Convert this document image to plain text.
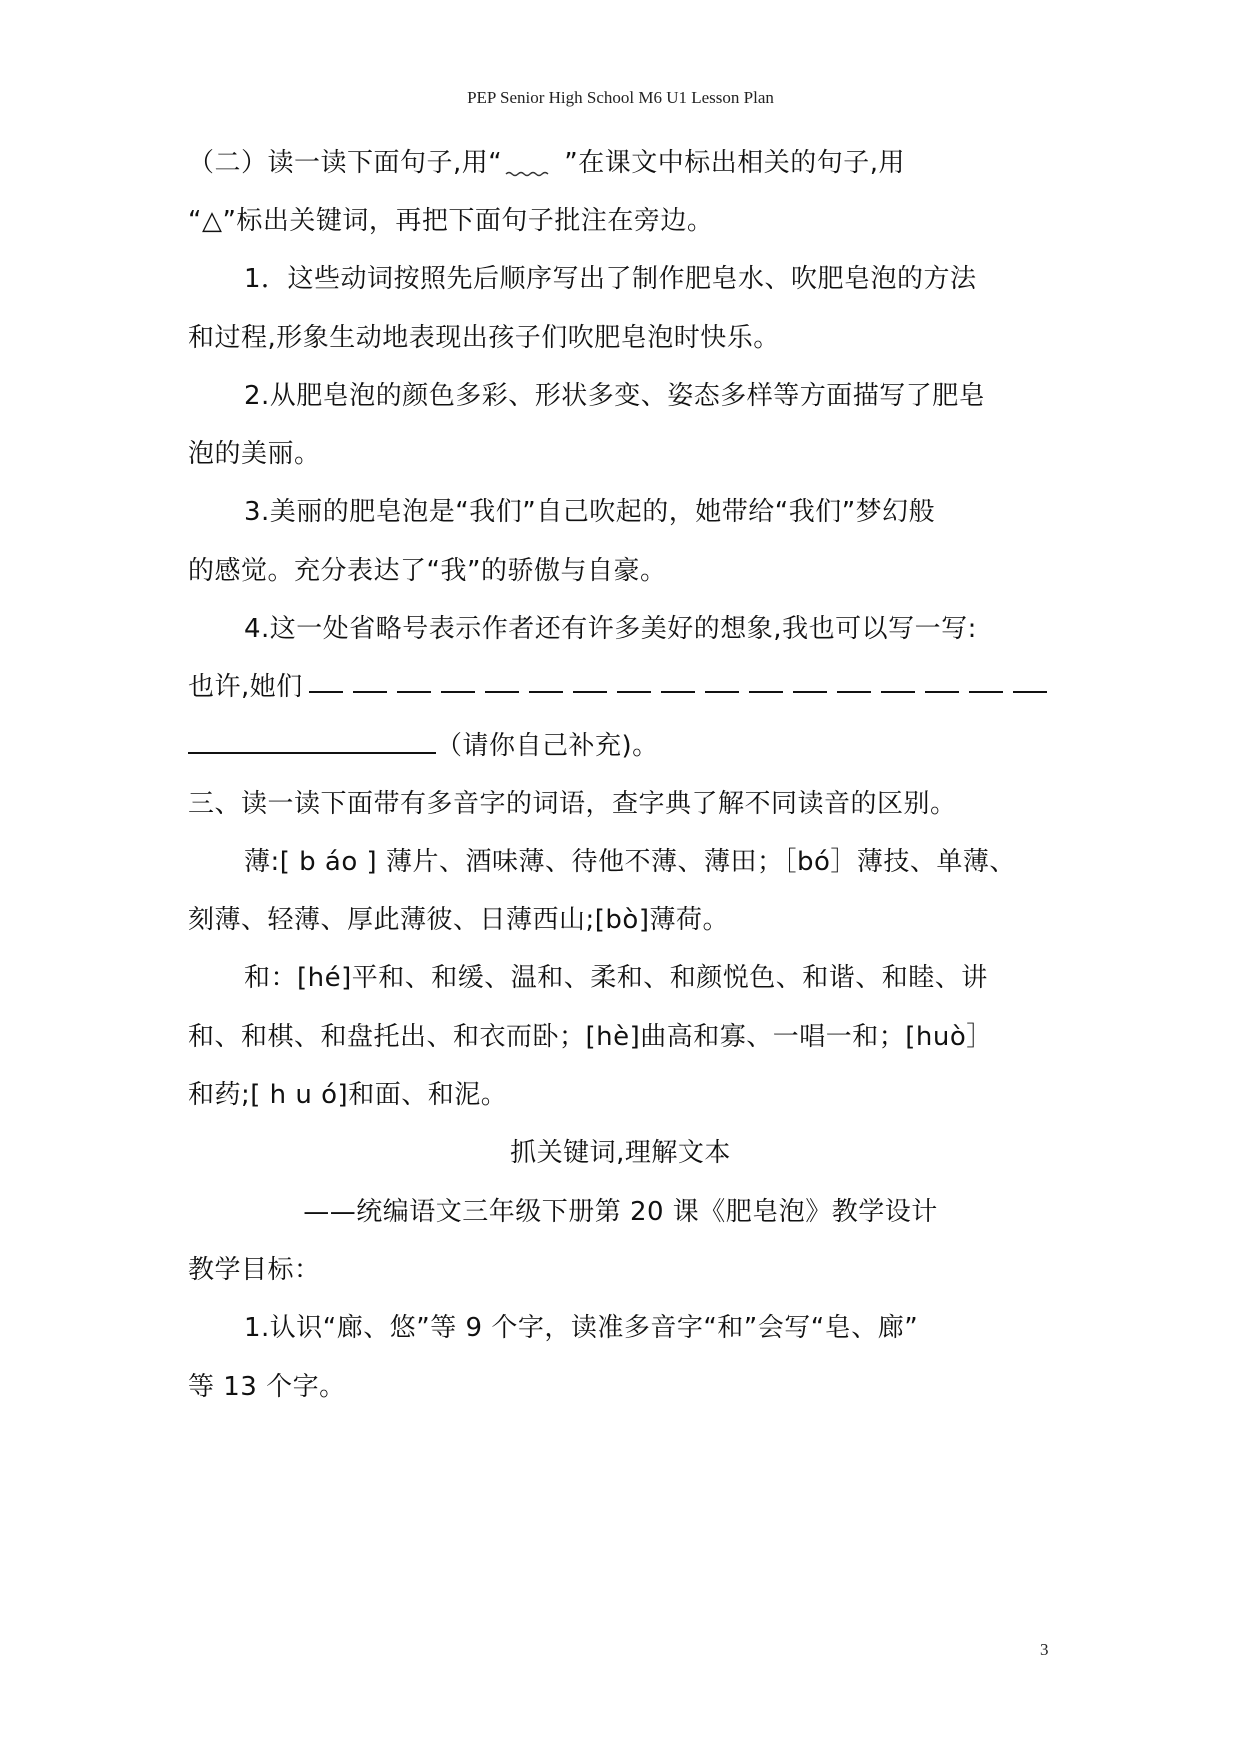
PEP Senior High School M6 U1 Lesson Plan
（二）读一读下面句子,用“ ”在课文中标出相关的句子,用
“△”标出关键词，再把下面句子批注在旁边。
1．这些动词按照先后顺序写出了制作肥皂水、吹肥皂泡的方法
和过程,形象生动地表现出孩子们吹肥皂泡时快乐。
2.从肥皂泡的颜色多彩、形状多变、姿态多样等方面描写了肥皂
泡的美丽。
3.美丽的肥皂泡是“我们”自己吹起的，她带给“我们”梦幻般
的感觉。充分表达了“我”的骄傲与自豪。
4.这一处省略号表示作者还有许多美好的想象,我也可以写一写:
也许,她们
（请你自己补充)。
三、读一读下面带有多音字的词语，查字典了解不同读音的区别。
薄:[ b áo ] 薄片、酒味薄、待他不薄、薄田；［bó］薄技、单薄、
刻薄、轻薄、厚此薄彼、日薄西山;[bò]薄荷。
和：[hé]平和、和缓、温和、柔和、和颜悦色、和谐、和睦、讲
和、和棋、和盘托出、和衣而卧；[hè]曲高和寡、一唱一和；[huò］
和药;[ h u ó]和面、和泥。
抓关键词,理解文本
——统编语文三年级下册第 20 课《肥皂泡》教学设计
教学目标：
1.认识“廊、悠”等 9 个字，读准多音字“和”会写“皂、廊”
等 13 个字。
3
